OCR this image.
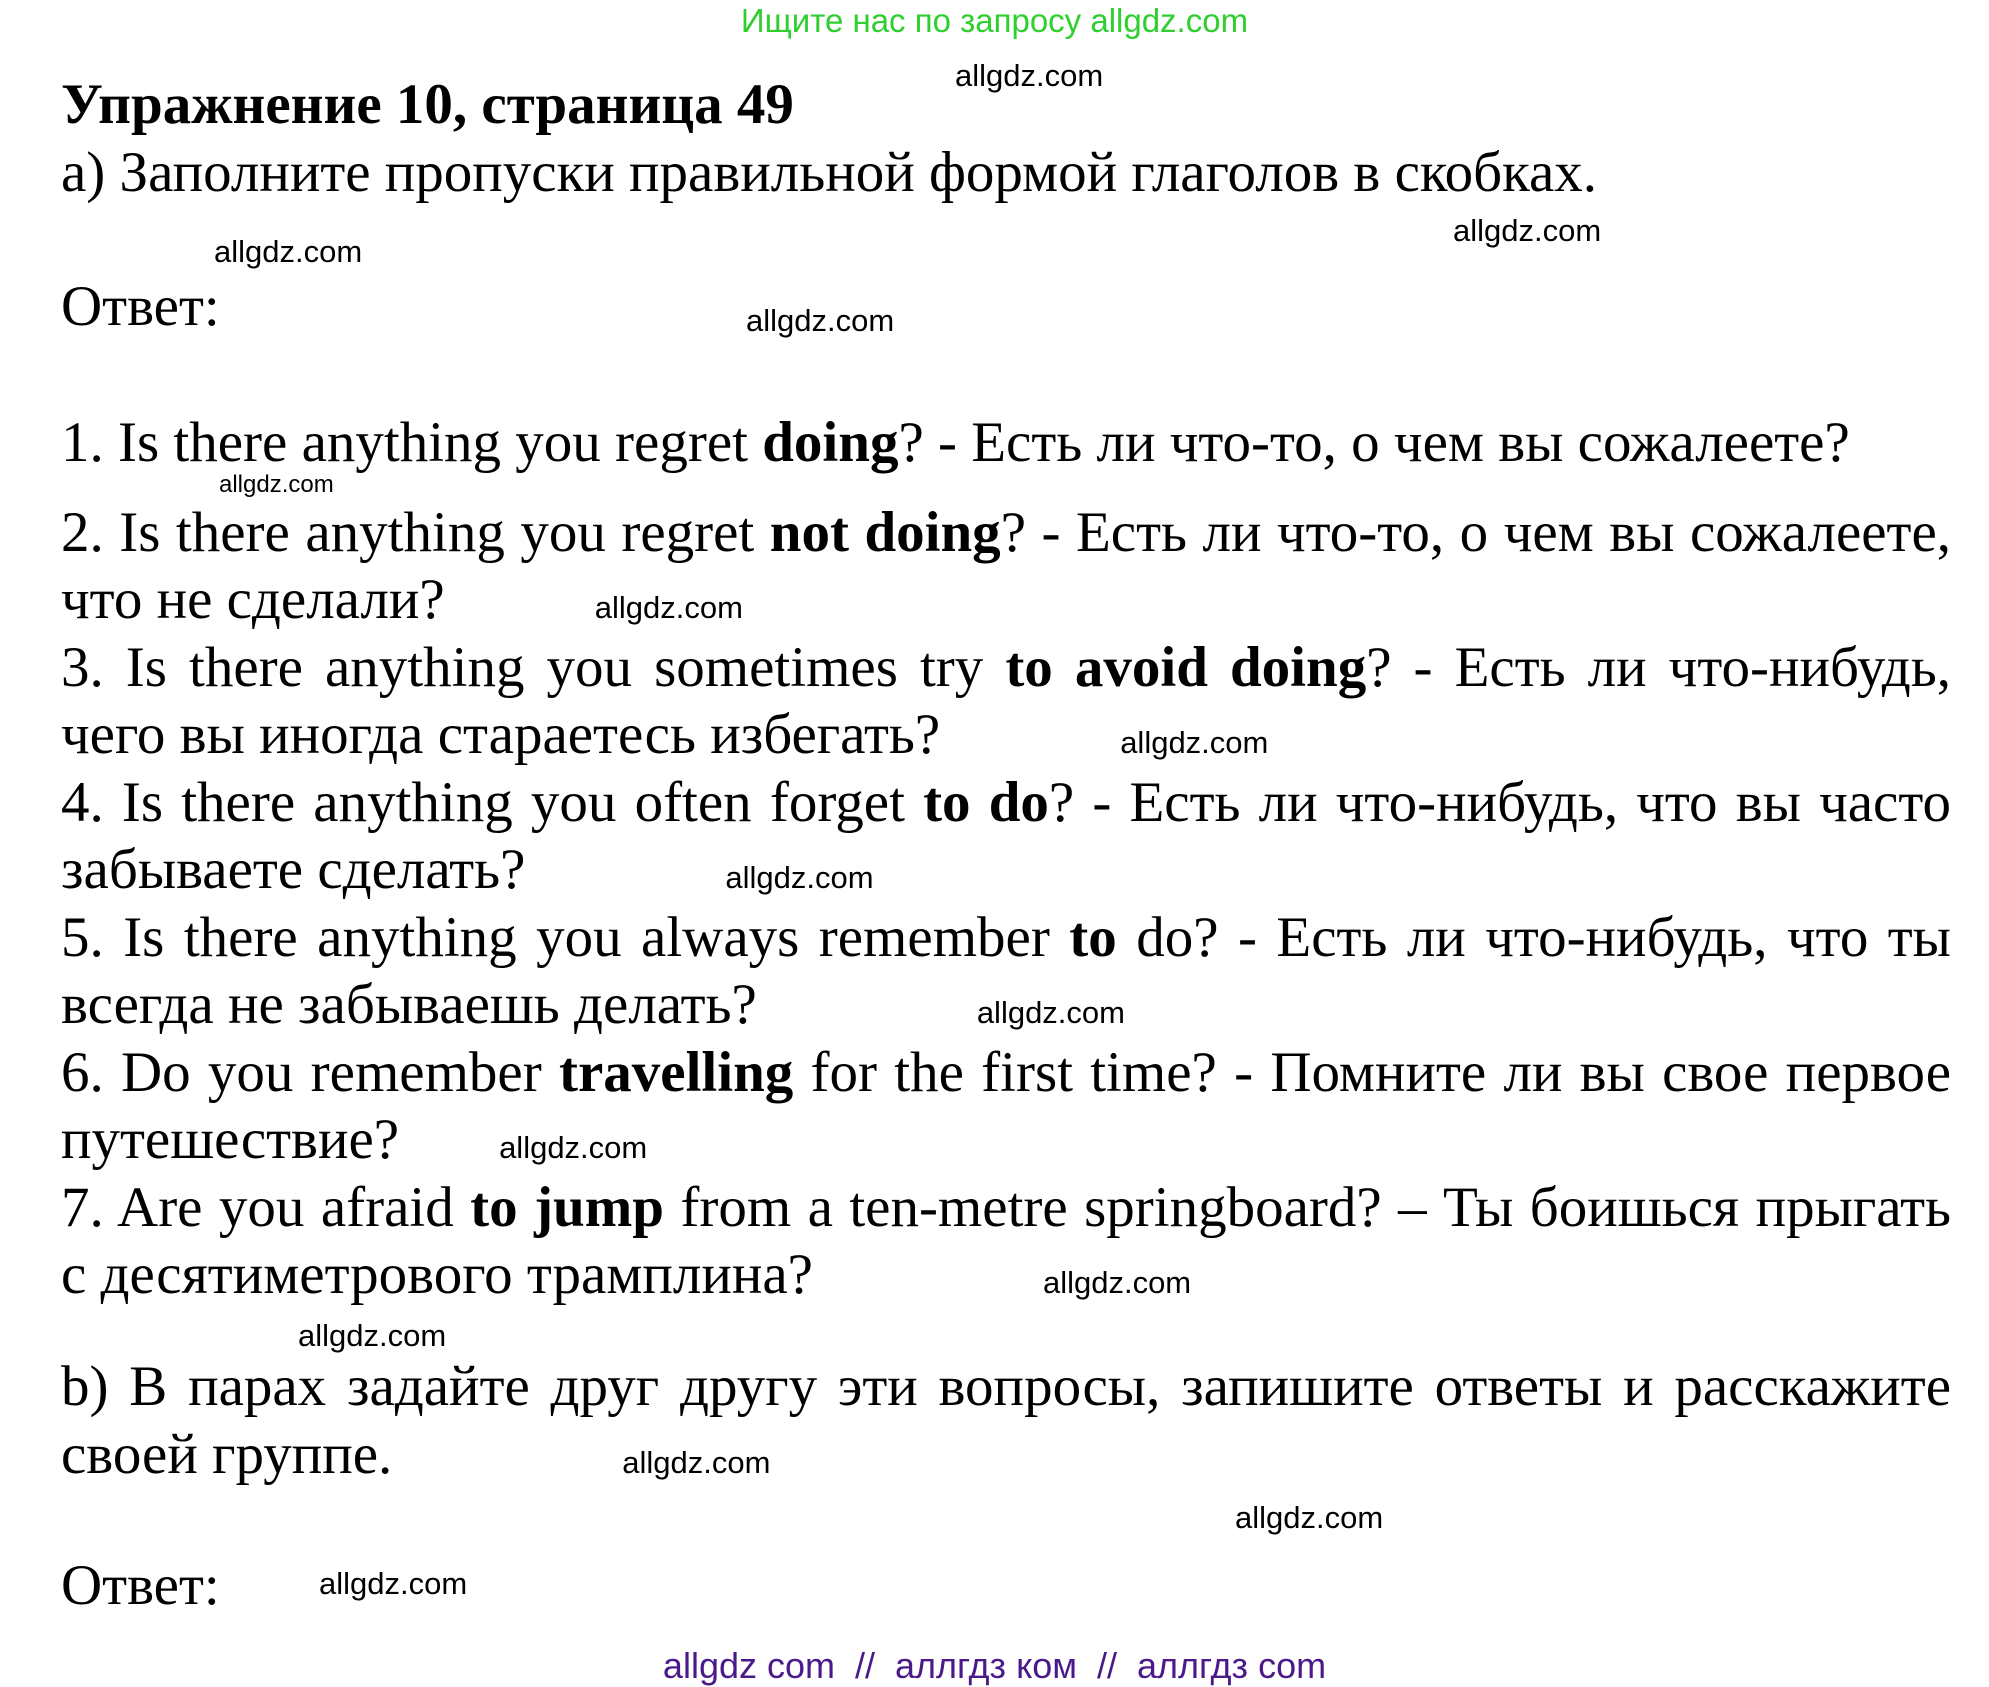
Ищите нас по запросу allgdz.com
Упражнение 10, страница 49
a) Заполните пропуски правильной формой глаголов в скобках.
Ответ:
1. Is there anything you regret doing? - Есть ли что-то, о чем вы сожалеете?
allgdz.com
2. Is there anything you regret not doing? - Есть ли что-то, о чем вы сожалеете, что не сделали?	allgdz.com
3. Is there anything you sometimes try to avoid doing? - Есть ли что-нибудь, чего вы иногда стараетесь избегать?	allgdz.com
4. Is there anything you often forget to do? - Есть ли что-нибудь, что вы часто забываете сделать?	allgdz.com
5. Is there anything you always remember to do? - Есть ли что-нибудь, что ты всегда не забываешь делать?	allgdz.com
6. Do you remember travelling for the first time? - Помните ли вы свое первое путешествие?	allgdz.com
7. Are you afraid to jump from a ten-metre springboard? – Ты боишься прыгать с десятиметрового трамплина?	allgdz.com
b) В парах задайте друг другу эти вопросы, запишите ответы и расскажите своей группе.	allgdz.com
Ответ:
allgdz.com
allgdz.com
allgdz.com
allgdz.com
allgdz.com
allgdz.com
allgdz.com
allgdz com  //  аллгдз ком  //  аллгдз com
